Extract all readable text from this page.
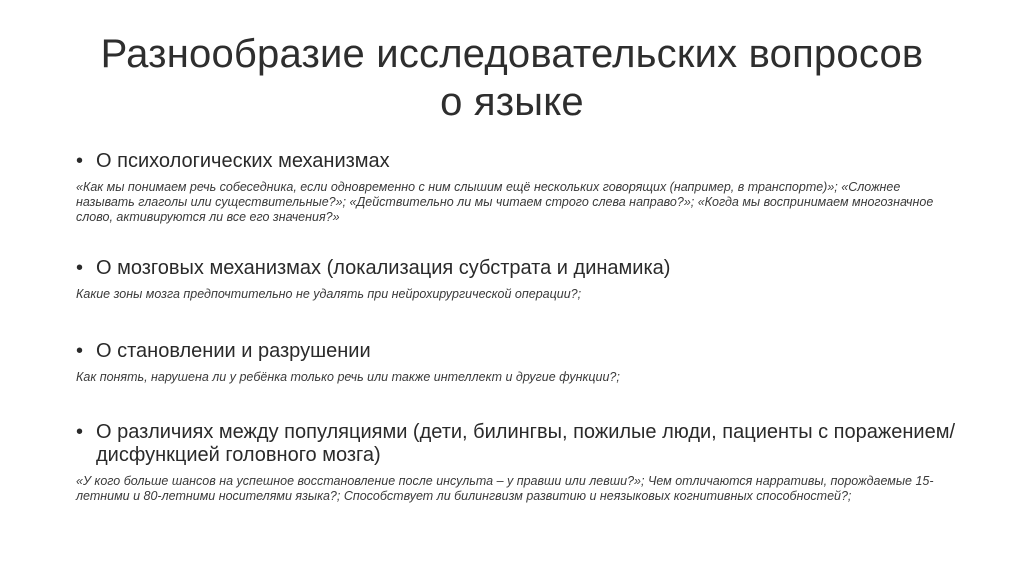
Разнообразие исследовательских вопросов
о языке
• О психологических механизмах
«Как мы понимаем речь собеседника, если одновременно с ним слышим ещё нескольких говорящих (например, в транспорте)»; «Сложнее называть глаголы или существительные?»; «Действительно ли мы читаем строго слева направо?»; «Когда мы воспринимаем многозначное слово, активируются ли все его значения?»
• О мозговых механизмах (локализация субстрата и динамика)
Какие зоны мозга предпочтительно не удалять при нейрохирургической операции?;
• О становлении и разрушении
Как понять, нарушена ли у ребёнка только речь или также интеллект и другие функции?;
• О различиях между популяциями (дети, билингвы, пожилые люди, пациенты с поражением/дисфункцией головного мозга)
«У кого больше шансов на успешное восстановление после инсульта – у правши или левши?»; Чем отличаются нарративы, порождаемые 15-летними и 80-летними носителями языка?; Способствует ли билингвизм развитию и неязыковых когнитивных способностей?;
